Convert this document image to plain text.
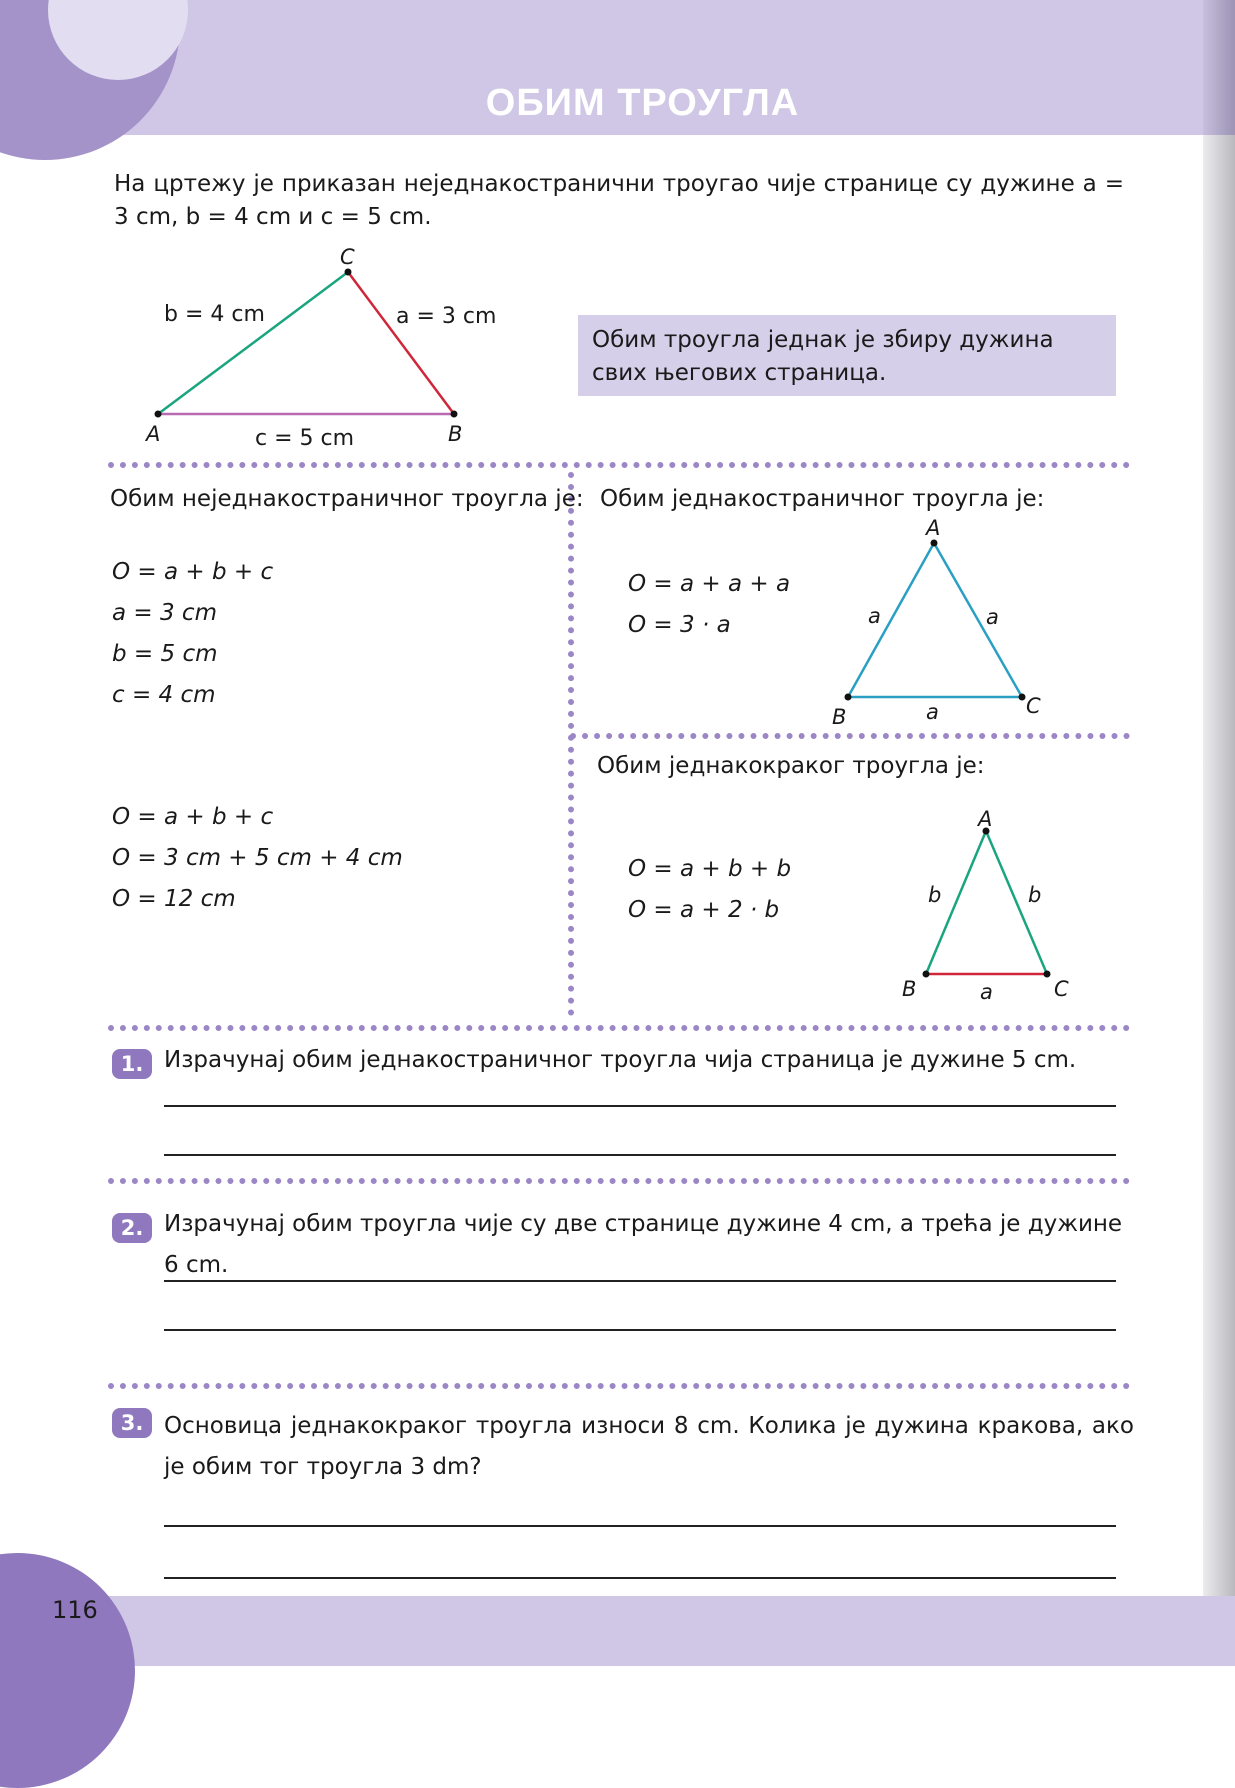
ОБИМ ТРОУГЛА
На цртежу је приказан неједнакостранични троугао чије странице су дужине a = 3 cm, b = 4 cm и c = 5 cm.
C
A	B
b = 4 cm	a = 3 cm
c = 5 cm
A
B	C
a	a
a
A
B	C
b	b
a
Обим троугла једнак је збиру дужина свих његових страница.
Обим неједнакостраничног троугла је:
O = a + b + c
a = 3 cm
b = 5 cm
c = 4 cm
O = a + b + c
O = 3 cm + 5 cm + 4 cm
O = 12 cm
Обим једнакостраничног троугла је:
O = a + a + a
O = 3 · a
Обим једнакокраког троугла је:
O = a + b + b
O = a + 2 · b
1. Израчунај обим једнакостраничног троугла чија страница је дужине 5 cm.
2. Израчунај обим троугла чије су две странице дужине 4 cm, а трећа је дужине 6 cm.
3. Основица једнакокраког троугла износи 8 cm. Колика је дужина кракова, ако је обим тог троугла 3 dm?
116
